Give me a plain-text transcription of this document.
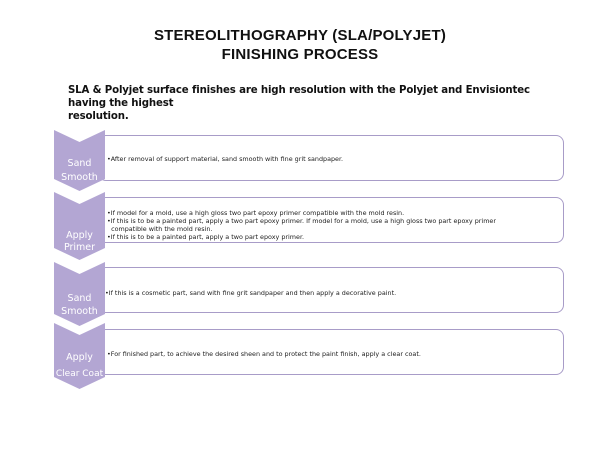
STEREOLITHOGRAPHY (SLA/POLYJET)
FINISHING PROCESS
SLA & Polyjet surface finishes are high resolution with the Polyjet and Envisiontec having the highest
resolution.
•After removal of support material, sand smooth with fine grit sandpaper.
Sand
Smooth
•If model for a mold, use a high gloss two part epoxy primer compatible with the mold resin.
•If this is to be a painted part, apply a two part epoxy primer. If model for a mold, use a high gloss two part epoxy primer
compatible with the mold resin.
•If this is to be a painted part, apply a two part epoxy primer.
Apply
Primer
•If this is a cosmetic part, sand with fine grit sandpaper and then apply a decorative paint.
Sand
Smooth
•For finished part, to achieve the desired sheen and to protect the paint finish, apply a clear coat.
Apply
Clear Coat
